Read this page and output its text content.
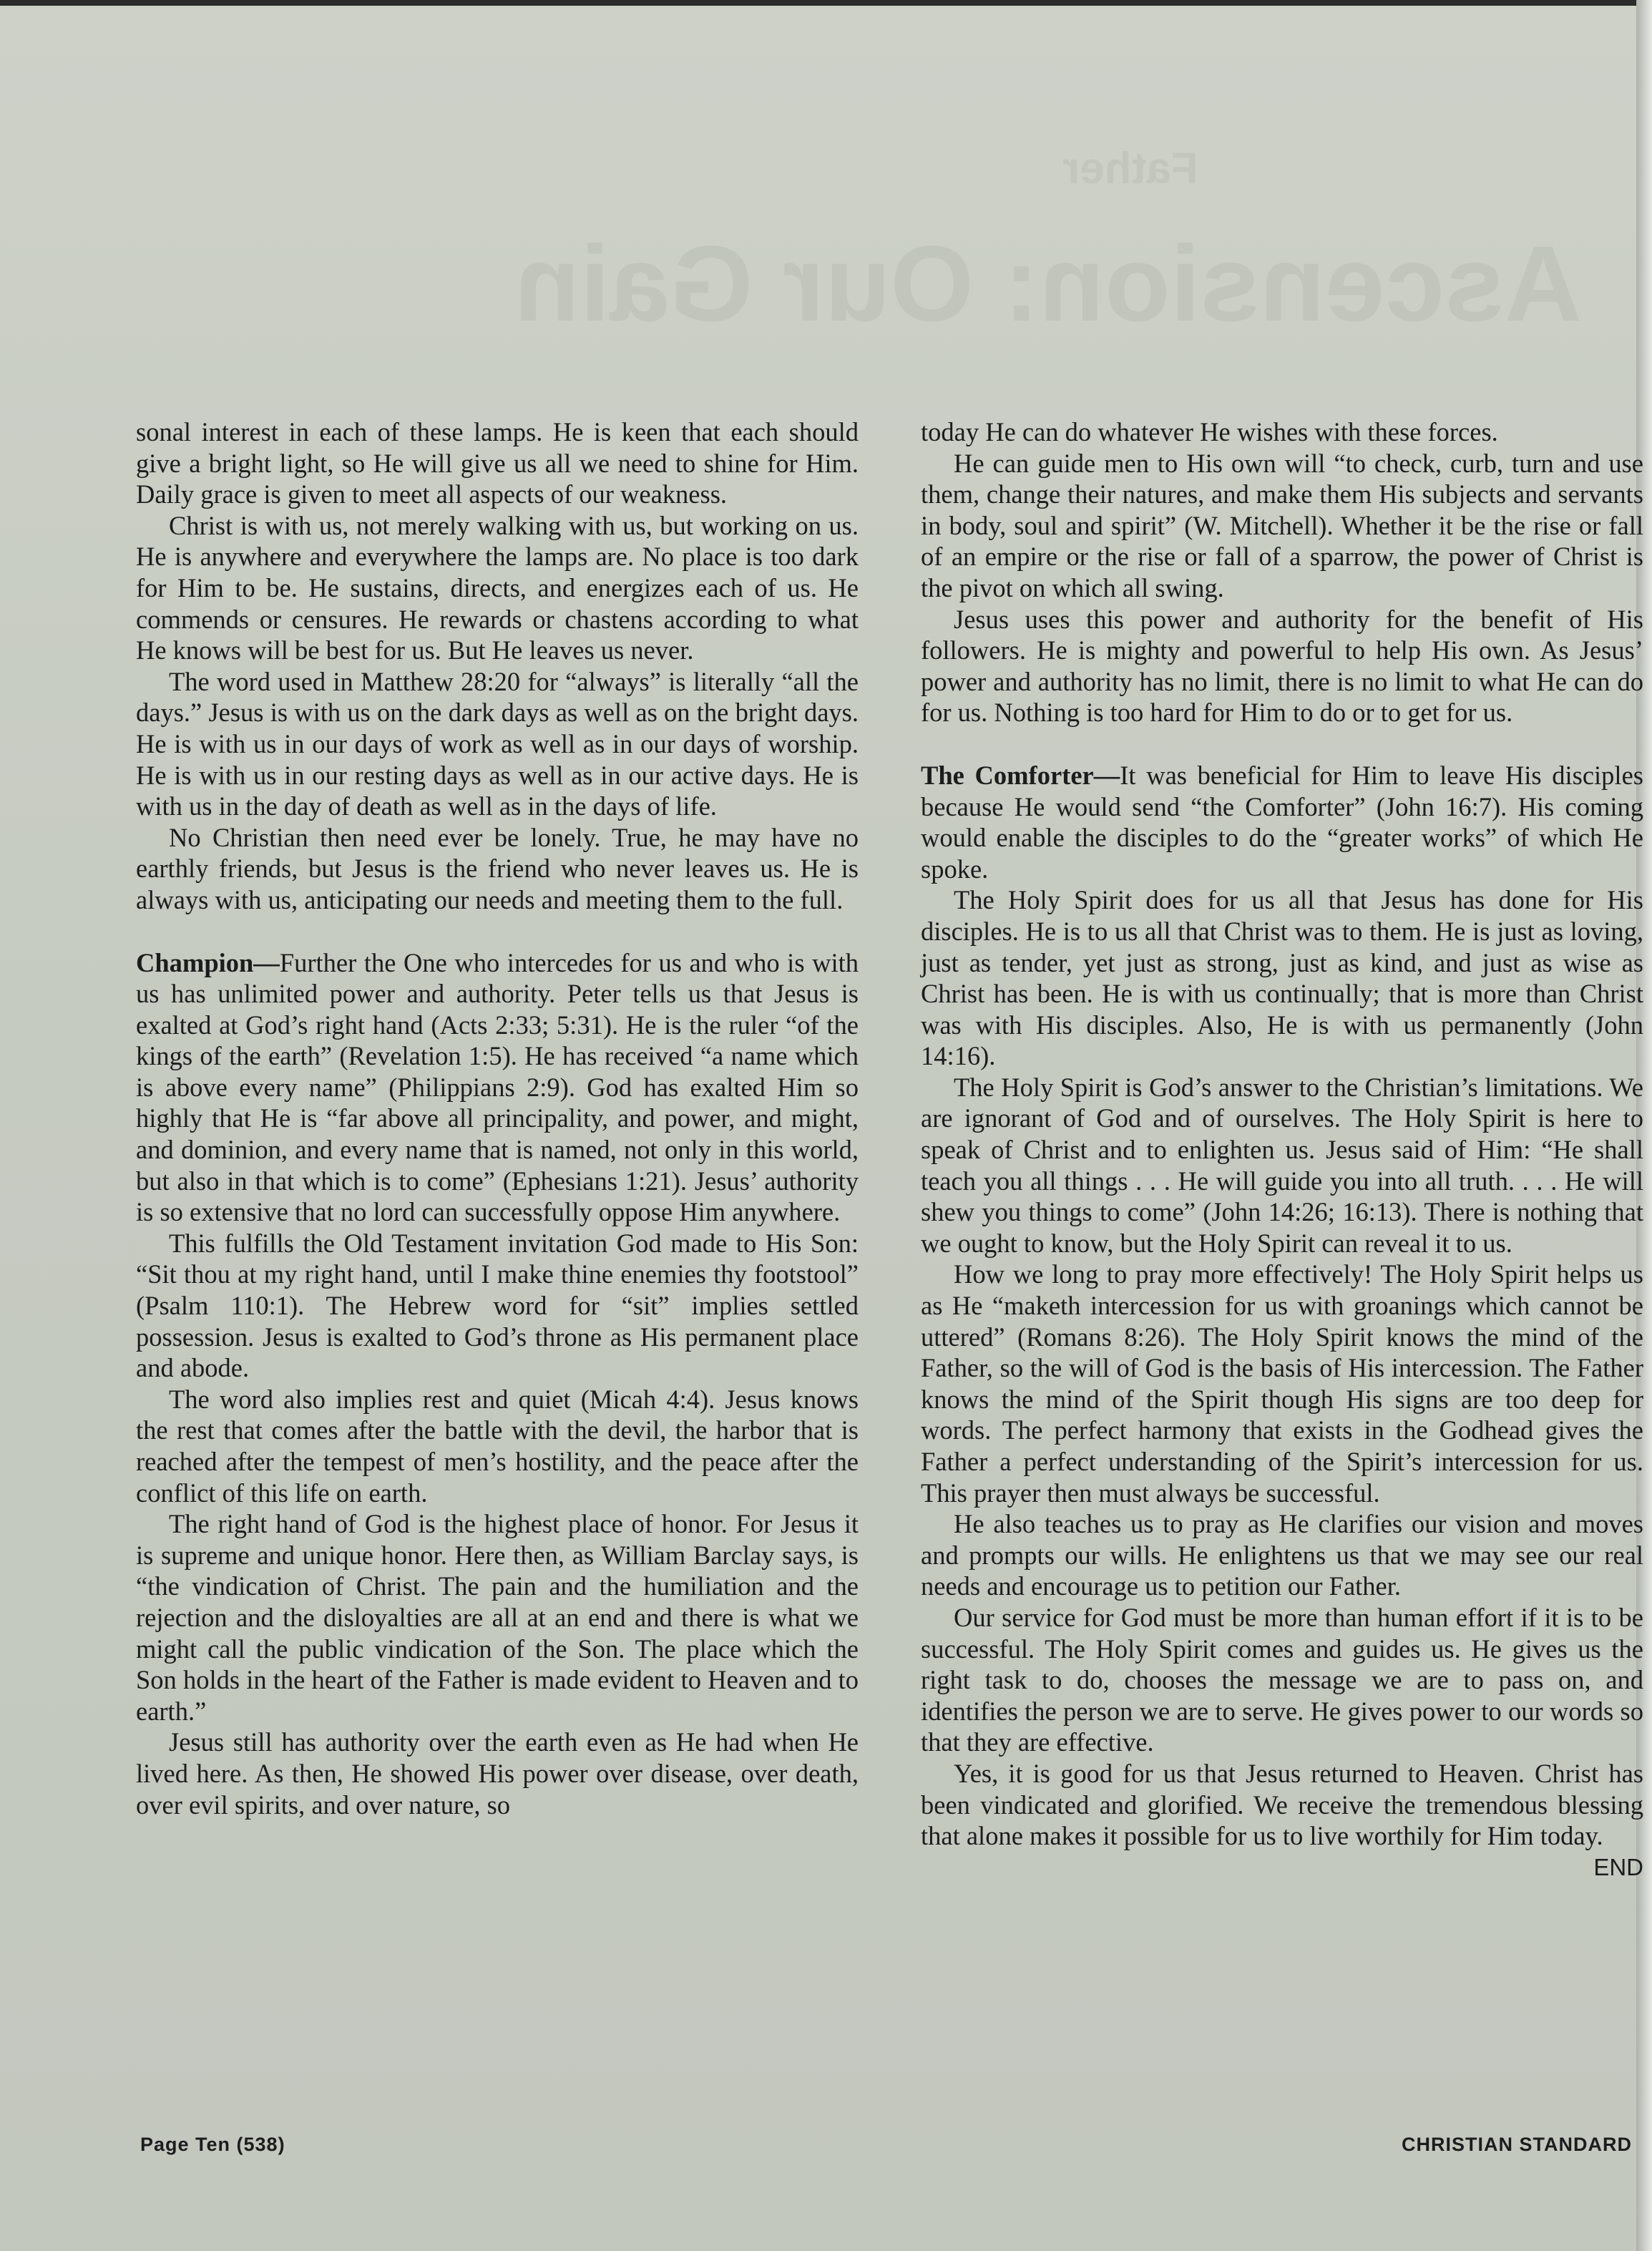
Father
Ascension: Our Gain

sonal interest in each of these lamps. He is keen that each should give a bright light, so He will give us all we need to shine for Him. Daily grace is given to meet all aspects of our weakness.

Christ is with us, not merely walking with us, but working on us. He is anywhere and everywhere the lamps are. No place is too dark for Him to be. He sustains, directs, and energizes each of us. He commends or censures. He rewards or chastens according to what He knows will be best for us. But He leaves us never.

The word used in Matthew 28:20 for “always” is literally “all the days.” Jesus is with us on the dark days as well as on the bright days. He is with us in our days of work as well as in our days of worship. He is with us in our resting days as well as in our active days. He is with us in the day of death as well as in the days of life.

No Christian then need ever be lonely. True, he may have no earthly friends, but Jesus is the friend who never leaves us. He is always with us, anticipating our needs and meeting them to the full.

Champion—Further the One who intercedes for us and who is with us has unlimited power and authority. Peter tells us that Jesus is exalted at God’s right hand (Acts 2:33; 5:31). He is the ruler “of the kings of the earth” (Revelation 1:5). He has received “a name which is above every name” (Philippians 2:9). God has exalted Him so highly that He is “far above all principality, and power, and might, and dominion, and every name that is named, not only in this world, but also in that which is to come” (Ephesians 1:21). Jesus’ authority is so extensive that no lord can successfully oppose Him anywhere.

This fulfills the Old Testament invitation God made to His Son: “Sit thou at my right hand, until I make thine enemies thy footstool” (Psalm 110:1). The Hebrew word for “sit” implies settled possession. Jesus is exalted to God’s throne as His permanent place and abode.

The word also implies rest and quiet (Micah 4:4). Jesus knows the rest that comes after the battle with the devil, the harbor that is reached after the tempest of men’s hostility, and the peace after the conflict of this life on earth.

The right hand of God is the highest place of honor. For Jesus it is supreme and unique honor. Here then, as William Barclay says, is “the vindication of Christ. The pain and the humiliation and the rejection and the disloyalties are all at an end and there is what we might call the public vindication of the Son. The place which the Son holds in the heart of the Father is made evident to Heaven and to earth.”

Jesus still has authority over the earth even as He had when He lived here. As then, He showed His power over disease, over death, over evil spirits, and over nature, so

today He can do whatever He wishes with these forces.

He can guide men to His own will “to check, curb, turn and use them, change their natures, and make them His subjects and servants in body, soul and spirit” (W. Mitchell). Whether it be the rise or fall of an empire or the rise or fall of a sparrow, the power of Christ is the pivot on which all swing.

Jesus uses this power and authority for the benefit of His followers. He is mighty and powerful to help His own. As Jesus’ power and authority has no limit, there is no limit to what He can do for us. Nothing is too hard for Him to do or to get for us.

The Comforter—It was beneficial for Him to leave His disciples because He would send “the Comforter” (John 16:7). His coming would enable the disciples to do the “greater works” of which He spoke.

The Holy Spirit does for us all that Jesus has done for His disciples. He is to us all that Christ was to them. He is just as loving, just as tender, yet just as strong, just as kind, and just as wise as Christ has been. He is with us continually; that is more than Christ was with His disciples. Also, He is with us permanently (John 14:16).

The Holy Spirit is God’s answer to the Christian’s limitations. We are ignorant of God and of ourselves. The Holy Spirit is here to speak of Christ and to enlighten us. Jesus said of Him: “He shall teach you all things . . . He will guide you into all truth. . . . He will shew you things to come” (John 14:26; 16:13). There is nothing that we ought to know, but the Holy Spirit can reveal it to us.

How we long to pray more effectively! The Holy Spirit helps us as He “maketh intercession for us with groanings which cannot be uttered” (Romans 8:26). The Holy Spirit knows the mind of the Father, so the will of God is the basis of His intercession. The Father knows the mind of the Spirit though His signs are too deep for words. The perfect harmony that exists in the Godhead gives the Father a perfect understanding of the Spirit’s intercession for us. This prayer then must always be successful.

He also teaches us to pray as He clarifies our vision and moves and prompts our wills. He enlightens us that we may see our real needs and encourage us to petition our Father.

Our service for God must be more than human effort if it is to be successful. The Holy Spirit comes and guides us. He gives us the right task to do, chooses the message we are to pass on, and identifies the person we are to serve. He gives power to our words so that they are effective.

Yes, it is good for us that Jesus returned to Heaven. Christ has been vindicated and glorified. We receive the tremendous blessing that alone makes it possible for us to live worthily for Him today.
END

Page Ten (538)	CHRISTIAN STANDARD
